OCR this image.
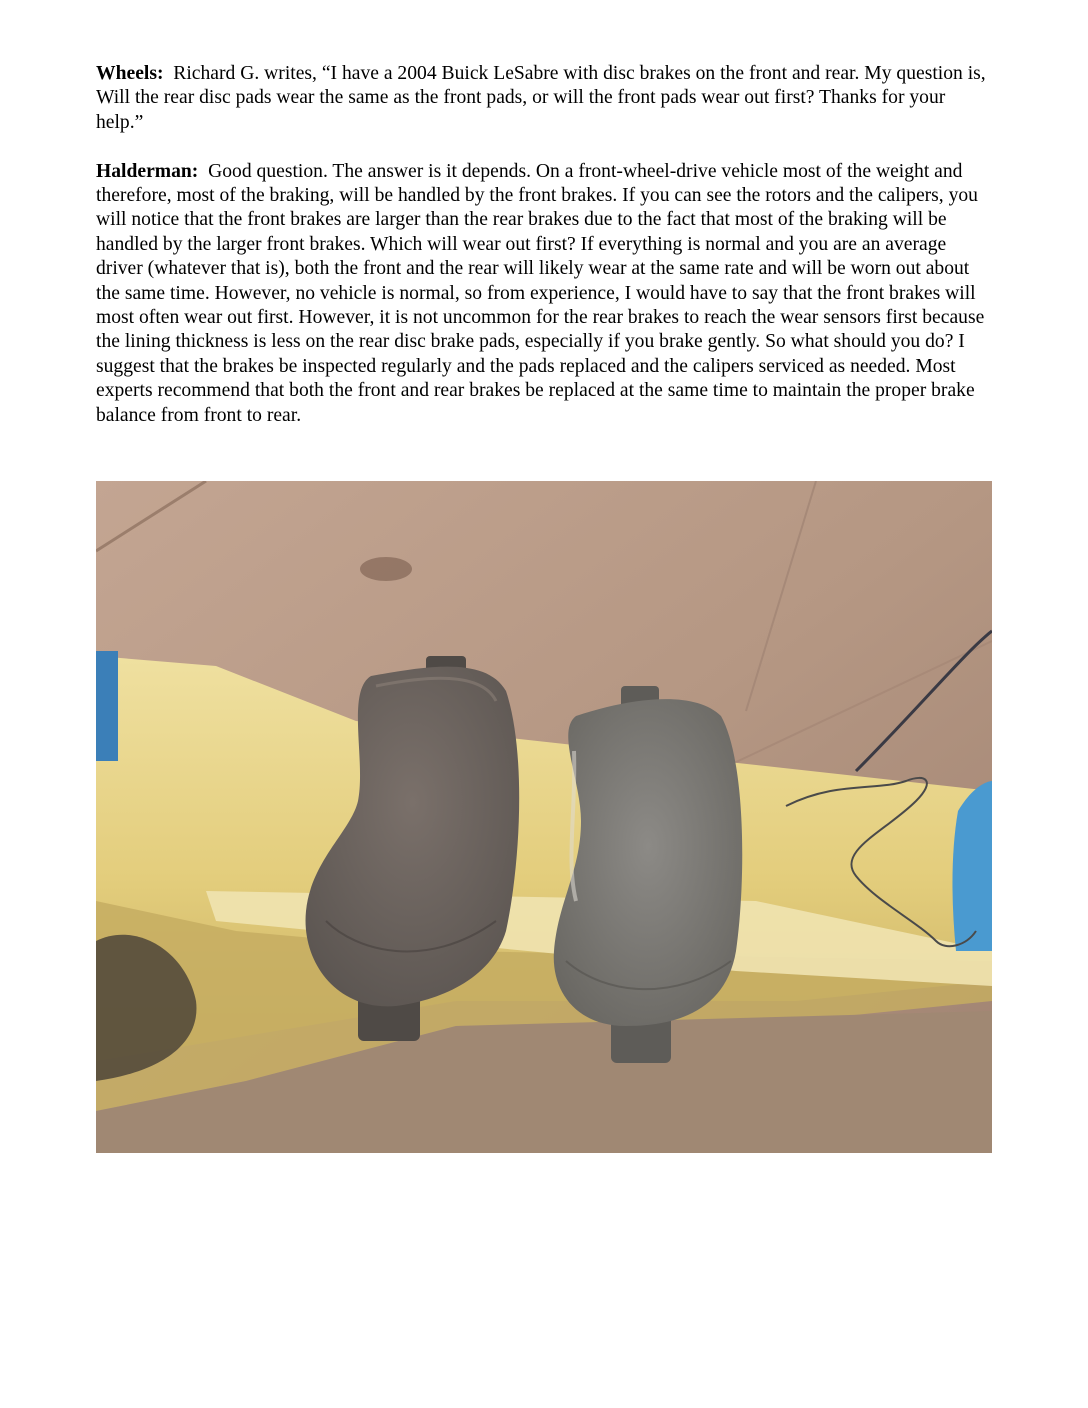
Wheels: Richard G. writes, “I have a 2004 Buick LeSabre with disc brakes on the front and rear. My question is, Will the rear disc pads wear the same as the front pads, or will the front pads wear out first? Thanks for your help.”

Halderman: Good question. The answer is it depends. On a front-wheel-drive vehicle most of the weight and therefore, most of the braking, will be handled by the front brakes. If you can see the rotors and the calipers, you will notice that the front brakes are larger than the rear brakes due to the fact that most of the braking will be handled by the larger front brakes. Which will wear out first? If everything is normal and you are an average driver (whatever that is), both the front and the rear will likely wear at the same rate and will be worn out about the same time. However, no vehicle is normal, so from experience, I would have to say that the front brakes will most often wear out first. However, it is not uncommon for the rear brakes to reach the wear sensors first because the lining thickness is less on the rear disc brake pads, especially if you brake gently. So what should you do? I suggest that the brakes be inspected regularly and the pads replaced and the calipers serviced as needed. Most experts recommend that both the front and rear brakes be replaced at the same time to maintain the proper brake balance from front to rear.
